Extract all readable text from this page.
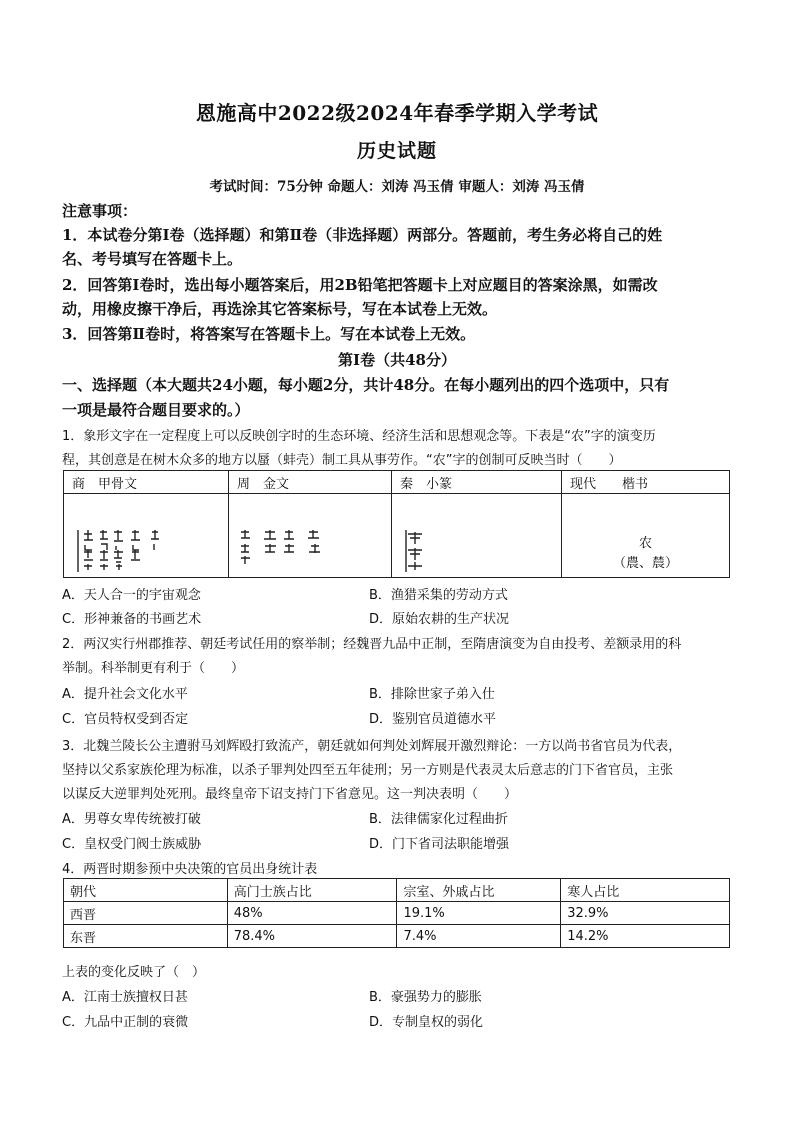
恩施高中2022级2024年春季学期入学考试
历史试题
考试时间：75分钟 命题人：刘涛 冯玉倩 审题人：刘涛 冯玉倩
注意事项：
1．本试卷分第Ⅰ卷（选择题）和第Ⅱ卷（非选择题）两部分。答题前，考生务必将自己的姓
名、考号填写在答题卡上。
2．回答第Ⅰ卷时，选出每小题答案后，用2B铅笔把答题卡上对应题目的答案涂黑，如需改
动，用橡皮擦干净后，再选涂其它答案标号，写在本试卷上无效。
3．回答第Ⅱ卷时，将答案写在答题卡上。写在本试卷上无效。
第Ⅰ卷（共48分）
一、选择题（本大题共24小题，每小题2分，共计48分。在每小题列出的四个选项中，只有
一项是最符合题目要求的。）
1．象形文字在一定程度上可以反映创字时的生态环境、经济生活和思想观念等。下表是“农”字的演变历
程，其创意是在树木众多的地方以蜃（蚌壳）制工具从事劳作。“农”字的创制可反映当时（　　）
商　甲骨文	周　金文	秦　小篆	现代　　楷书

农
（農、辳）
A．天人合一的宇宙观念	B．渔猎采集的劳动方式
C．形神兼备的书画艺术	D．原始农耕的生产状况
2．两汉实行州郡推荐、朝廷考试任用的察举制；经魏晋九品中正制，至隋唐演变为自由投考、差额录用的科
举制。科举制更有利于（　　）
A．提升社会文化水平	B．排除世家子弟入仕
C．官员特权受到否定	D．鉴别官员道德水平
3．北魏兰陵长公主遭驸马刘辉殴打致流产，朝廷就如何判处刘辉展开激烈辩论：一方以尚书省官员为代表，
坚持以父系家族伦理为标准，以杀子罪判处四至五年徒刑；另一方则是代表灵太后意志的门下省官员，主张
以谋反大逆罪判处死刑。最终皇帝下诏支持门下省意见。这一判决表明（　　）
A．男尊女卑传统被打破	B．法律儒家化过程曲折
C．皇权受门阀士族威胁	D．门下省司法职能增强
4．两晋时期参预中央决策的官员出身统计表
朝代	高门士族占比	宗室、外戚占比	寒人占比
西晋	48%	19.1%	32.9%
东晋	78.4%	7.4%	14.2%
上表的变化反映了（　）
A．江南士族擅权日甚	B．豪强势力的膨胀
C．九品中正制的衰微	D．专制皇权的弱化
